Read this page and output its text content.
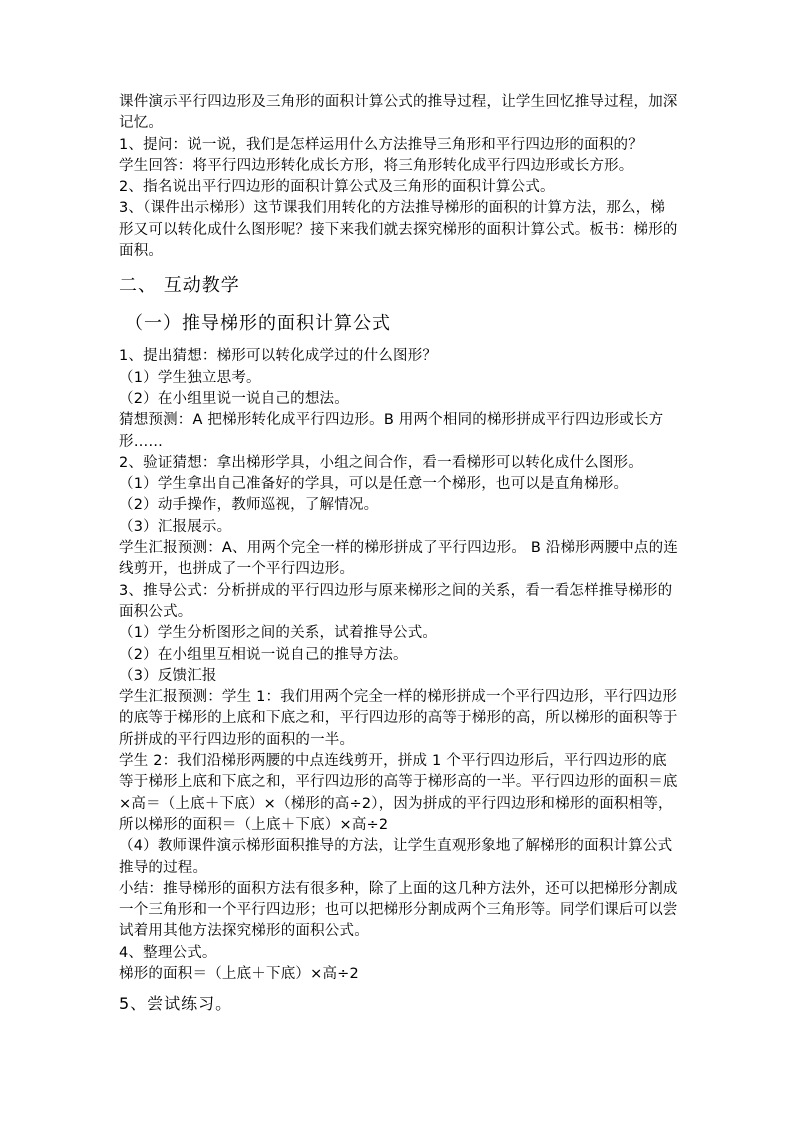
课件演示平行四边形及三角形的面积计算公式的推导过程，让学生回忆推导过程，加深记忆。

1、提问：说一说，我们是怎样运用什么方法推导三角形和平行四边形的面积的？

学生回答：将平行四边形转化成长方形，将三角形转化成平行四边形或长方形。

2、指名说出平行四边形的面积计算公式及三角形的面积计算公式。

3、（课件出示梯形）这节课我们用转化的方法推导梯形的面积的计算方法，那么，梯形又可以转化成什么图形呢？接下来我们就去探究梯形的面积计算公式。板书：梯形的面积。

二、 互动教学
（一）推导梯形的面积计算公式

1、提出猜想：梯形可以转化成学过的什么图形？

（1）学生独立思考。

（2）在小组里说一说自己的想法。

猜想预测：A 把梯形转化成平行四边形。B 用两个相同的梯形拼成平行四边形或长方形……

2、验证猜想：拿出梯形学具，小组之间合作，看一看梯形可以转化成什么图形。

（1）学生拿出自己准备好的学具，可以是任意一个梯形，也可以是直角梯形。

（2）动手操作，教师巡视，了解情况。

（3）汇报展示。

学生汇报预测：A、用两个完全一样的梯形拼成了平行四边形。 B 沿梯形两腰中点的连线剪开，也拼成了一个平行四边形。

3、推导公式：分析拼成的平行四边形与原来梯形之间的关系，看一看怎样推导梯形的面积公式。

（1）学生分析图形之间的关系，试着推导公式。

（2）在小组里互相说一说自己的推导方法。

（3）反馈汇报

学生汇报预测：学生 1：我们用两个完全一样的梯形拼成一个平行四边形，平行四边形的底等于梯形的上底和下底之和，平行四边形的高等于梯形的高，所以梯形的面积等于所拼成的平行四边形的面积的一半。

学生 2：我们沿梯形两腰的中点连线剪开，拼成 1 个平行四边形后，平行四边形的底等于梯形上底和下底之和，平行四边形的高等于梯形高的一半。平行四边形的面积＝底×高＝（上底＋下底）×（梯形的高÷2），因为拼成的平行四边形和梯形的面积相等，

所以梯形的面积＝（上底＋下底）×高÷2

（4）教师课件演示梯形面积推导的方法，让学生直观形象地了解梯形的面积计算公式推导的过程。

小结：推导梯形的面积方法有很多种，除了上面的这几种方法外，还可以把梯形分割成一个三角形和一个平行四边形；也可以把梯形分割成两个三角形等。同学们课后可以尝试着用其他方法探究梯形的面积公式。

4、整理公式。

梯形的面积＝（上底＋下底）×高÷2

5、尝试练习。
